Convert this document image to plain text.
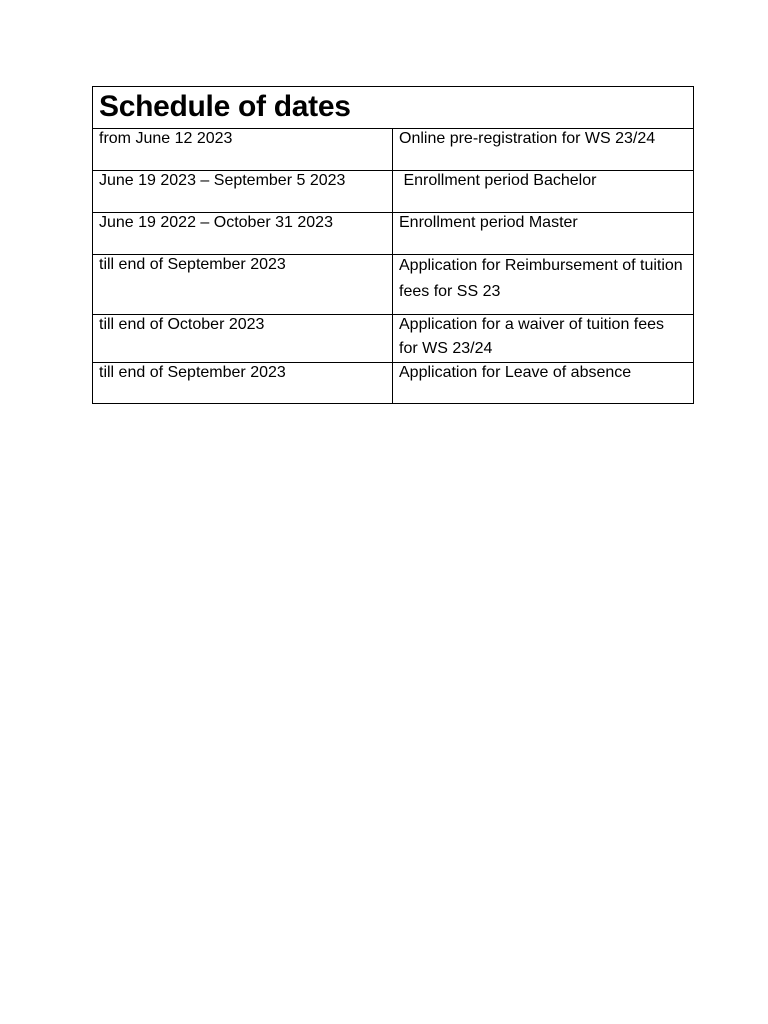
Schedule of dates	

from June 12 2023	Online pre-registration for WS 23/24

June 19 2023 – September 5 2023	Enrollment period Bachelor

June 19 2022 – October 31 2023	Enrollment period Master

till end of September 2023	Application for Reimbursement of tuition fees for SS 23

till end of October 2023	Application for a waiver of tuition fees for WS 23/24

till end of September 2023	Application for Leave of absence
